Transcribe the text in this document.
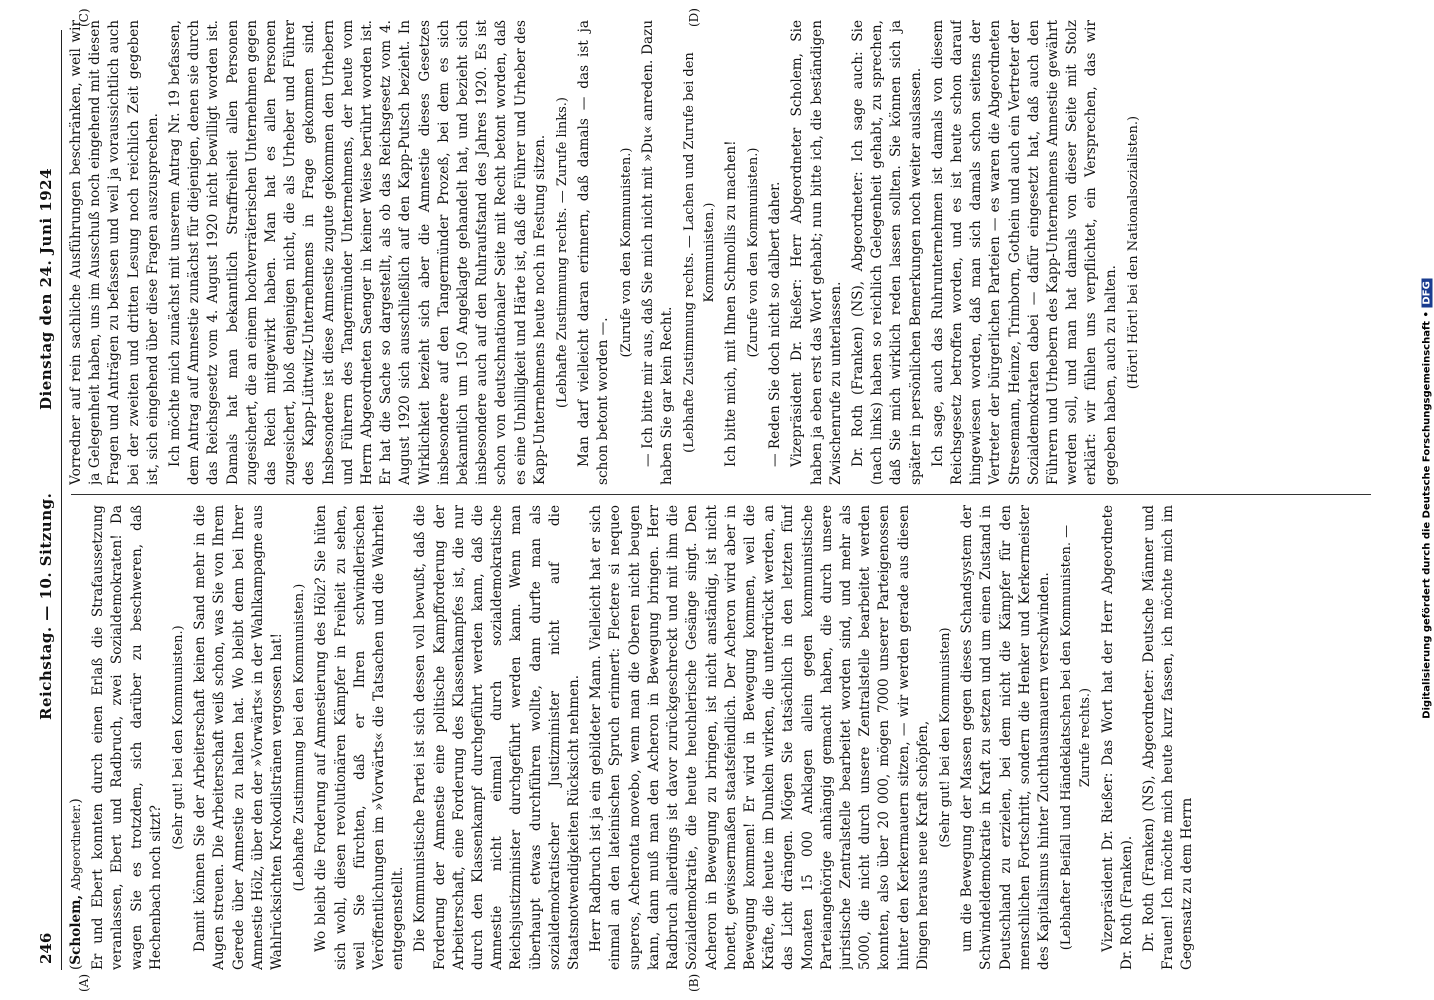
246
Reichstag. — 10. Sitzung.
Dienstag den 24. Juni 1924

(Scholem, Abgeordneter.) Er und Ebert konnten durch einen Erlaß die Strafaussetzung veranlassen, Ebert und Radbruch, zwei Sozialdemokraten! Da wagen Sie es trotzdem, sich darüber zu beschweren, daß Hechenbach noch sitzt?

(Sehr gut! bei den Kommunisten.) Damit können Sie der Arbeiterschaft keinen Sand mehr in die Augen streuen. Die Arbeiterschaft weiß schon, was Sie von Ihrem Gerede über Amnestie zu halten hat. Wo bleibt denn bei Ihrer Amnestie Hölz, über den der »Vorwärts« in der Wahlkampagne aus Wahlrücksichten Krokodilstränen vergossen hat! (Lebhafte Zustimmung bei den Kommunisten.) Wo bleibt die Forderung auf Amnestierung des Hölz? Sie hüten sich wohl, diesen revolutionären Kämpfer in Freiheit zu sehen, weil Sie fürchten, daß er Ihren schwindlerischen Veröffentlichungen im »Vorwärts« die Tatsachen und die Wahrheit entgegenstellt. Die Kommunistische Partei ist sich dessen voll bewußt, daß die Forderung der Amnestie eine politische Kampfforderung der Arbeiterschaft, eine Forderung des Klassenkampfes ist, die nur durch den Klassenkampf durchgeführt werden kann, daß die Amnestie nicht einmal durch sozialdemokratische Reichsjustizminister durchgeführt werden kann. Wenn man überhaupt etwas durchführen wollte, dann durfte man als sozialdemokratischer Justizminister nicht auf die Staatsnotwendigkeiten Rücksicht nehmen. Herr Radbruch ist ja ein gebildeter Mann. Vielleicht hat er sich einmal an den lateinischen Spruch erinnert: Flectere si nequeo superos, Acheronta movebo, wenn man die Oberen nicht beugen kann, dann muß man den Acheron in Bewegung bringen. Herr Radbruch allerdings ist davor zurückgeschreckt und mit ihm die Sozialdemokratie, die heute heuchlerische Gesänge singt. Den Acheron in Bewegung zu bringen, ist nicht anständig, ist nicht honett, gewissermaßen staatsfeindlich. Der Acheron wird aber in Bewegung kommen! Er wird in Bewegung kommen, weil die Kräfte, die heute im Dunkeln wirken, die unterdrückt werden, an das Licht drängen. Mögen Sie tatsächlich in den letzten fünf Monaten 15 000 Anklagen allein gegen kommunistische Parteiangehörige anhängig gemacht haben, die durch unsere juristische Zentralstelle bearbeitet worden sind, und mehr als 5000, die nicht durch unsere Zentralstelle bearbeitet werden konnten, also über 20 000, mögen 7000 unserer Parteigenossen hinter den Kerkermauern sitzen, — wir werden gerade aus diesen Dingen heraus neue Kraft schöpfen, (Sehr gut! bei den Kommunisten) um die Bewegung der Massen gegen dieses Schandsystem der Schwindeldemokratie in Kraft zu setzen und um einen Zustand in Deutschland zu erzielen, bei dem nicht die Kämpfer für den menschlichen Fortschritt, sondern die Henker und Kerkermeister des Kapitalismus hinter Zuchthausmauern verschwinden. (Lebhafter Beifall und Händeklatschen bei den Kommunisten. — Zurufe rechts.) Vizepräsident Dr. Rießer: Das Wort hat der Herr Abgeordnete Dr. Roth (Franken). Dr. Roth (Franken) (NS), Abgeordneter: Deutsche Männer und Frauen! Ich möchte mich heute kurz fassen, ich möchte mich im Gegensatz zu dem Herrn

Vorredner auf rein sachliche Ausführungen beschränken, weil wir ja Gelegenheit haben, uns im Ausschuß noch eingehend mit diesen Fragen und Anträgen zu befassen und weil ja voraussichtlich auch bei der zweiten und dritten Lesung noch reichlich Zeit gegeben ist, sich eingehend über diese Fragen auszusprechen. Ich möchte mich zunächst mit unserem Antrag Nr. 19 befassen, dem Antrag auf Amnestie zunächst für diejenigen, denen sie durch das Reichsgesetz vom 4. August 1920 nicht bewilligt worden ist. Damals hat man bekanntlich Straffreiheit allen Personen zugesichert, die an einem hochverräterischen Unternehmen gegen das Reich mitgewirkt haben. Man hat es allen Personen zugesichert, bloß denjenigen nicht, die als Urheber und Führer des Kapp-Lüttwitz-Unternehmens in Frage gekommen sind. Insbesondere ist diese Amnestie zugute gekommen den Urhebern und Führern des Tangermünder Unternehmens, der heute vom Herrn Abgeordneten Saenger in keiner Weise berührt worden ist. Er hat die Sache so dargestellt, als ob das Reichsgesetz vom 4. August 1920 sich ausschließlich auf den Kapp-Putsch bezieht. In Wirklichkeit bezieht sich aber die Amnestie dieses Gesetzes insbesondere auf den Tangermünder Prozeß, bei dem es sich bekanntlich um 150 Angeklagte gehandelt hat, und bezieht sich insbesondere auch auf den Ruhraufstand des Jahres 1920. Es ist schon von deutschnationaler Seite mit Recht betont worden, daß es eine Unbilligkeit und Härte ist, daß die Führer und Urheber des Kapp-Unternehmens heute noch in Festung sitzen. (Lebhafte Zustimmung rechts. — Zurufe links.) Man darf vielleicht daran erinnern, daß damals — das ist ja schon betont worden —.

(Zurufe von den Kommunisten.) — Ich bitte mir aus, daß Sie mich nicht mit »Du« anreden. Dazu haben Sie gar kein Recht. (Lebhafte Zustimmung rechts. — Lachen und Zurufe bei den Kommunisten.) Ich bitte mich, mit Ihnen Schmollis zu machen! (Zurufe von den Kommunisten.) — Reden Sie doch nicht so dalbert daher. Vizepräsident Dr. Rießer: Herr Abgeordneter Scholem, Sie haben ja eben erst das Wort gehabt; nun bitte ich, die beständigen Zwischenrufe zu unterlassen. Dr. Roth (Franken) (NS), Abgeordneter: Ich sage auch: Sie (nach links) haben so reichlich Gelegenheit gehabt, zu sprechen, daß Sie mich wirklich reden lassen sollten. Sie können sich ja später in persönlichen Bemerkungen noch weiter auslassen. Ich sage, auch das Ruhrunternehmen ist damals von diesem Reichsgesetz betroffen worden, und es ist heute schon darauf hingewiesen worden, daß man sich damals schon seitens der Vertreter der bürgerlichen Parteien — es waren die Abgeordneten Stresemann, Heinze, Trimborn, Gothein und auch ein Vertreter der Sozialdemokraten dabei — dafür eingesetzt hat, daß auch den Führern und Urhebern des Kapp-Unternehmens Amnestie gewährt werden soll, und man hat damals von dieser Seite mit Stolz erklärt: wir fühlen uns verpflichtet, ein Versprechen, das wir gegeben haben, auch zu halten. (Hört! Hört! bei den Nationalsozialisten.)

(A)	(B)
(C)	(D)
Digitalisierung gefördert durch die Deutsche Forschungsgemeinschaft • DFG
